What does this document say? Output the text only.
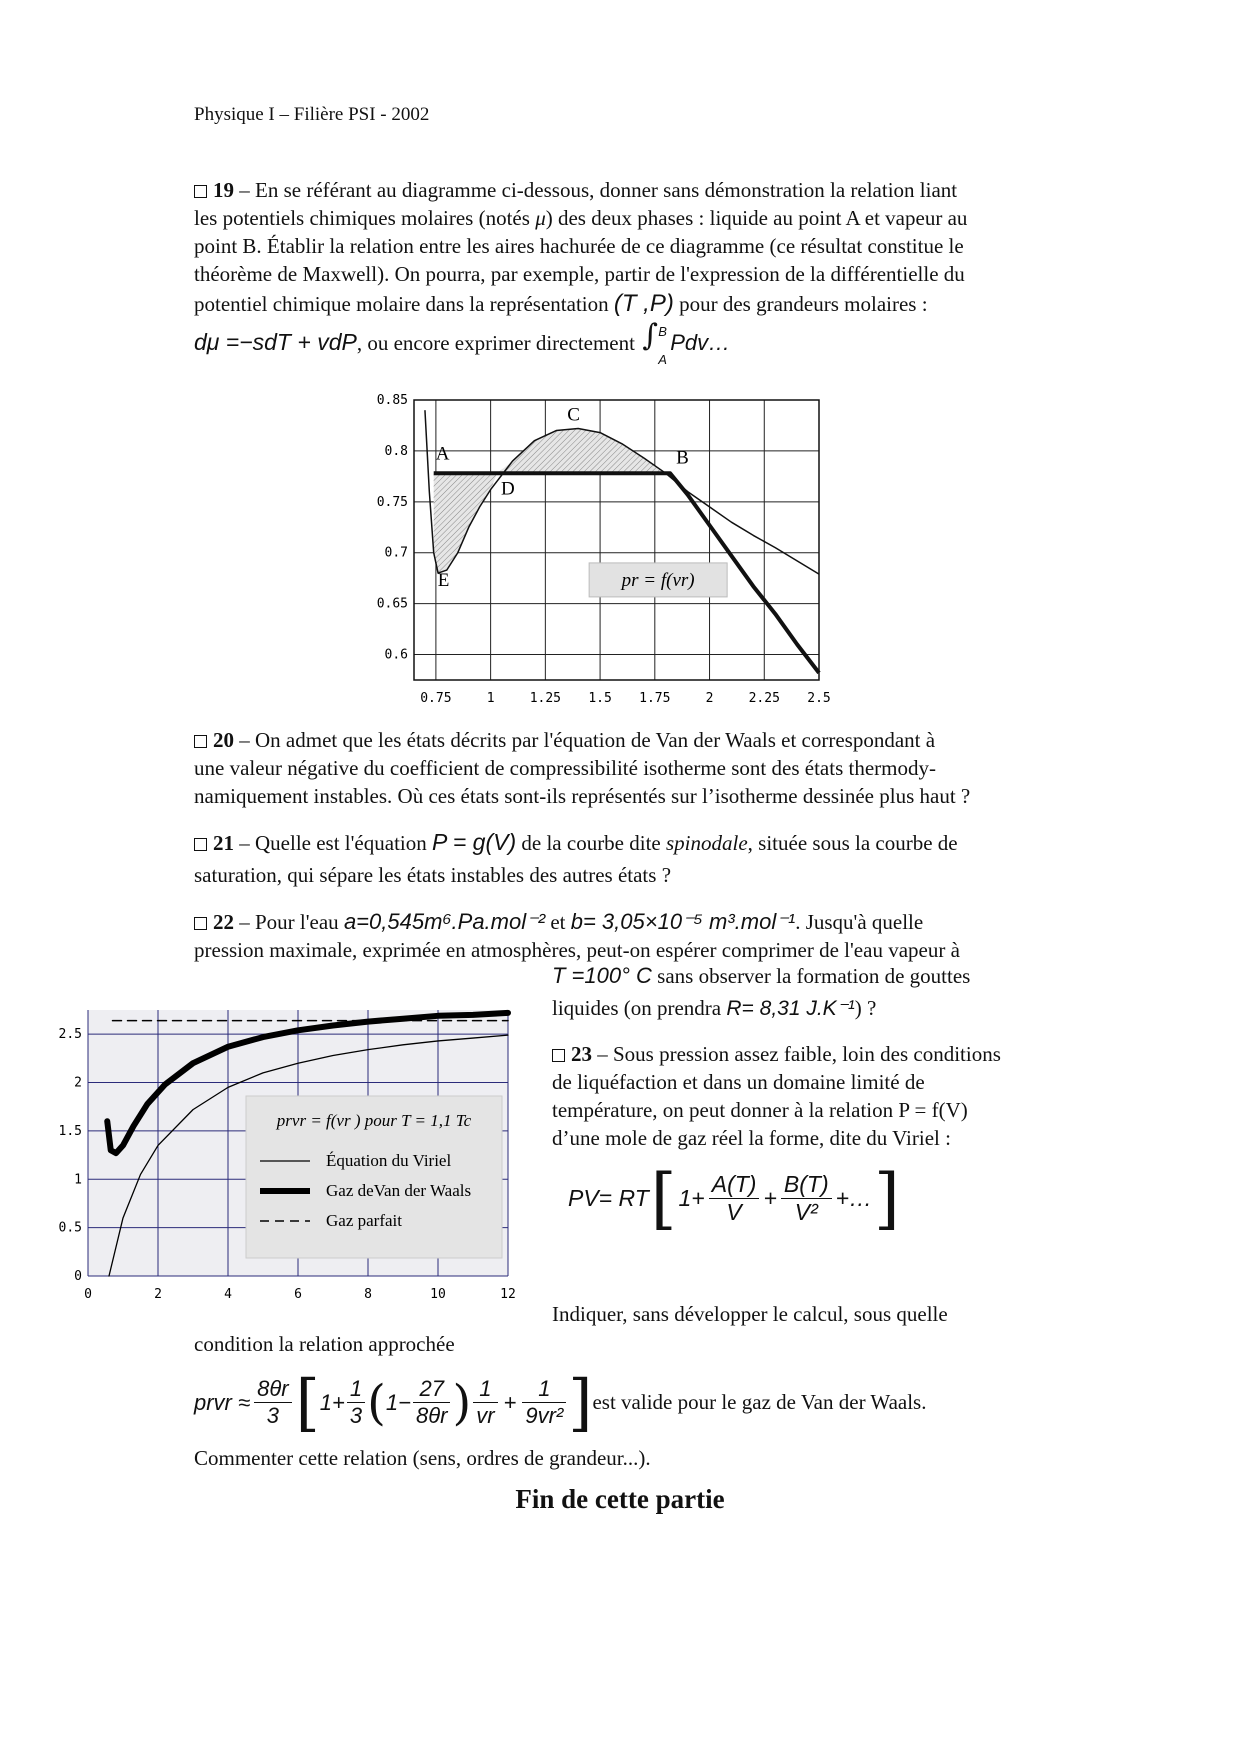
Physique I – Filière PSI - 2002
19 – En se référant au diagramme ci-dessous, donner sans démonstration la relation liant
les potentiels chimiques molaires (notés μ) des deux phases : liquide au point A et vapeur au
point B. Établir la relation entre les aires hachurée de ce diagramme (ce résultat constitue le
théorème de Maxwell). On pourra, par exemple, partir de l'expression de la différentielle du
potentiel chimique molaire dans la représentation (T ,P) pour des grandeurs molaires :
dμ =−sdT + vdP, ou encore exprimer directement ∫ B
A
Pdv…
0.75	1	1.25 1.5 1.75	2	2.25 2.5
0.85
0.8
0.75
0.7
0.65
0.6
A	B
C
D
E	pr = f(vr)
20 – On admet que les états décrits par l'équation de Van der Waals et correspondant à
une valeur négative du coefficient de compressibilité isotherme sont des états thermody-
namiquement instables. Où ces états sont-ils représentés sur l’isotherme dessinée plus haut ?
21 – Quelle est l'équation P = g(V) de la courbe dite spinodale, située sous la courbe de
saturation, qui sépare les états instables des autres états ?
22 – Pour l'eau a=0,545m⁶.Pa.mol⁻² et b= 3,05×10⁻⁵ m³.mol⁻¹. Jusqu'à quelle
pression maximale, exprimée en atmosphères, peut-on espérer comprimer de l'eau vapeur à
T =100° C sans observer la formation de gouttes
liquides (on prendra R= 8,31 J.K⁻¹) ?
0	2	4	6	8	10	12
2.5
2
1.5
1
0.5
0
prvr = f(vr ) pour T = 1,1 Tc
Équation du Viriel
Gaz deVan der Waals
Gaz parfait
23 – Sous pression assez faible, loin des conditions
de liquéfaction et dans un domaine limité de
température, on peut donner à la relation P = f(V)
d’une mole de gaz réel la forme, dite du Viriel :
PV= RT [ $1+ \frac{A(T)}{V} + \frac{B(T)}{\text{V²}}$ +… ]
Indiquer, sans développer le calcul, sous quelle
condition la relation approchée
prvr ≈ $\frac{8\theta r}{3}$ [ $1+ \frac{1}{3}$ ( $1- \frac{27}{8\theta r}$ ) $\frac{1}{vr} + \frac{1}{\text{9vr²}}$ ] est valide pour le gaz de Van der Waals.
Commenter cette relation (sens, ordres de grandeur...).
Fin de cette partie
